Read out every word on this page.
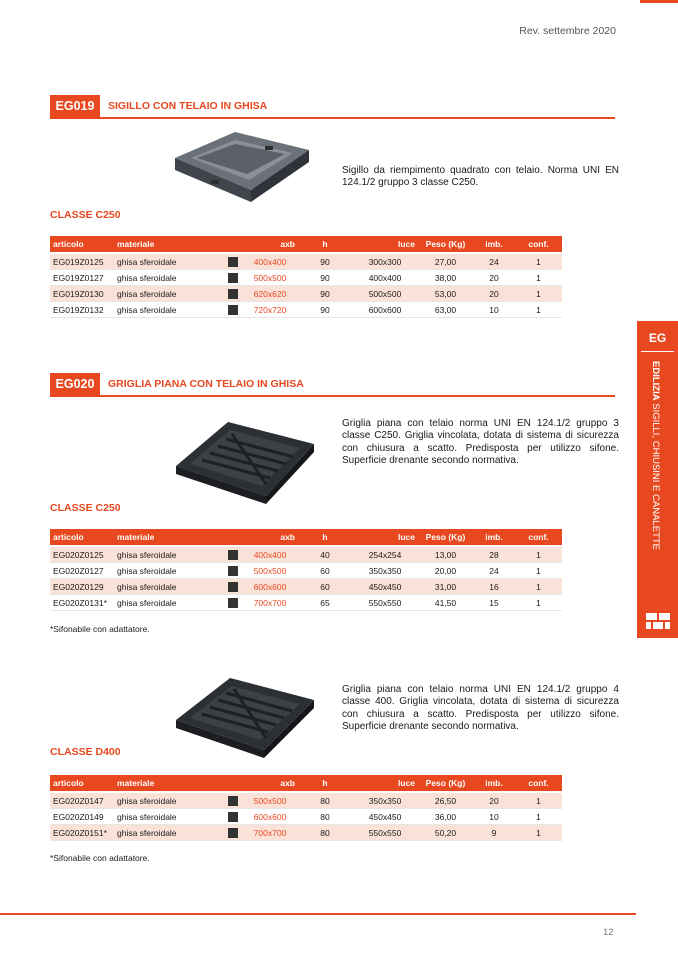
Rev. settembre 2020
EG019	SIGILLO CON TELAIO IN GHISA
Sigillo da riempimento quadrato con telaio. Norma UNI EN 124.1/2 gruppo 3 classe C250.
CLASSE C250
articolo	materiale		axb	h	luce	Peso (Kg)	imb.	conf.
EG019Z0125	ghisa sferoidale		400x400	90	300x300	27,00	24	1
EG019Z0127	ghisa sferoidale		500x500	90	400x400	38,00	20	1
EG019Z0130	ghisa sferoidale		620x620	90	500x500	53,00	20	1
EG019Z0132	ghisa sferoidale		720x720	90	600x600	63,00	10	1
EG020	GRIGLIA PIANA CON TELAIO IN GHISA
Griglia piana con telaio norma UNI EN 124.1/2 gruppo 3 classe C250. Griglia vincolata, dotata di sistema di sicurezza con chiusura a scatto. Predisposta per utilizzo sifone. Superficie drenante secondo normativa.
CLASSE C250
articolo	materiale		axb	h	luce	Peso (Kg)	imb.	conf.
EG020Z0125	ghisa sferoidale		400x400	40	254x254	13,00	28	1
EG020Z0127	ghisa sferoidale		500x500	60	350x350	20,00	24	1
EG020Z0129	ghisa sferoidale		600x600	60	450x450	31,00	16	1
EG020Z0131*	ghisa sferoidale		700x700	65	550x550	41,50	15	1
*Sifonabile con adattatore.
Griglia piana con telaio norma UNI EN 124.1/2 gruppo 4 classe 400. Griglia vincolata, dotata di sistema di sicurezza con chiusura a scatto. Predisposta per utilizzo sifone. Superficie drenante secondo normativa.
CLASSE D400
articolo	materiale		axb	h	luce	Peso (Kg)	imb.	conf.
EG020Z0147	ghisa sferoidale		500x500	80	350x350	26,50	20	1
EG020Z0149	ghisa sferoidale		600x600	80	450x450	36,00	10	1
EG020Z0151*	ghisa sferoidale		700x700	80	550x550	50,20	9	1
*Sifonabile con adattatore.
EG
EDILIZIA SIGILLI, CHIUSINI E CANALETTE
12
